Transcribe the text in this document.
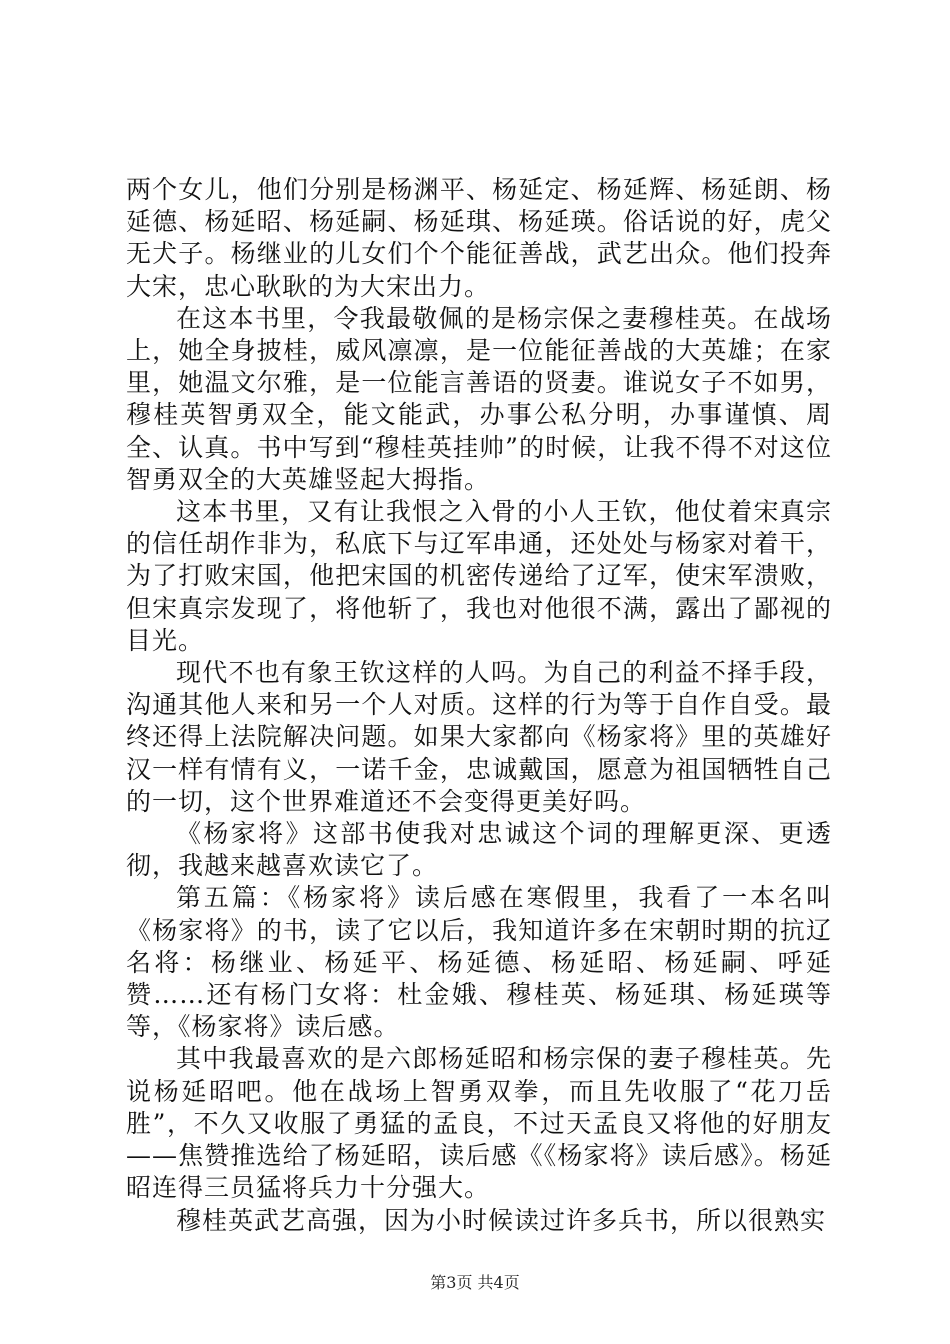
两个女儿，他们分别是杨渊平、杨延定、杨延辉、杨延朗、杨延德、杨延昭、杨延嗣、杨延琪、杨延瑛。俗话说的好，虎父无犬子。杨继业的儿女们个个能征善战，武艺出众。他们投奔大宋，忠心耿耿的为大宋出力。

在这本书里，令我最敬佩的是杨宗保之妻穆桂英。在战场上，她全身披桂，威风凛凛，是一位能征善战的大英雄；在家里，她温文尔雅，是一位能言善语的贤妻。谁说女子不如男，穆桂英智勇双全，能文能武，办事公私分明，办事谨慎、周全、认真。书中写到“穆桂英挂帅”的时候，让我不得不对这位智勇双全的大英雄竖起大拇指。

这本书里，又有让我恨之入骨的小人王钦，他仗着宋真宗的信任胡作非为，私底下与辽军串通，还处处与杨家对着干，为了打败宋国，他把宋国的机密传递给了辽军，使宋军溃败，但宋真宗发现了，将他斩了，我也对他很不满，露出了鄙视的目光。

现代不也有象王钦这样的人吗。为自己的利益不择手段，沟通其他人来和另一个人对质。这样的行为等于自作自受。最终还得上法院解决问题。如果大家都向《杨家将》里的英雄好汉一样有情有义，一诺千金，忠诚戴国，愿意为祖国牺牲自己的一切，这个世界难道还不会变得更美好吗。

《杨家将》这部书使我对忠诚这个词的理解更深、更透彻，我越来越喜欢读它了。

第五篇：《杨家将》读后感在寒假里，我看了一本名叫《杨家将》的书，读了它以后，我知道许多在宋朝时期的抗辽名将：杨继业、杨延平、杨延德、杨延昭、杨延嗣、呼延赞……还有杨门女将：杜金娥、穆桂英、杨延琪、杨延瑛等等，《杨家将》读后感。

其中我最喜欢的是六郎杨延昭和杨宗保的妻子穆桂英。先说杨延昭吧。他在战场上智勇双拳，而且先收服了“花刀岳胜”，不久又收服了勇猛的孟良，不过天孟良又将他的好朋友——焦赞推选给了杨延昭，读后感《《杨家将》读后感》。杨延昭连得三员猛将兵力十分强大。

穆桂英武艺高强，因为小时候读过许多兵书，所以很熟实

第3页 共4页
